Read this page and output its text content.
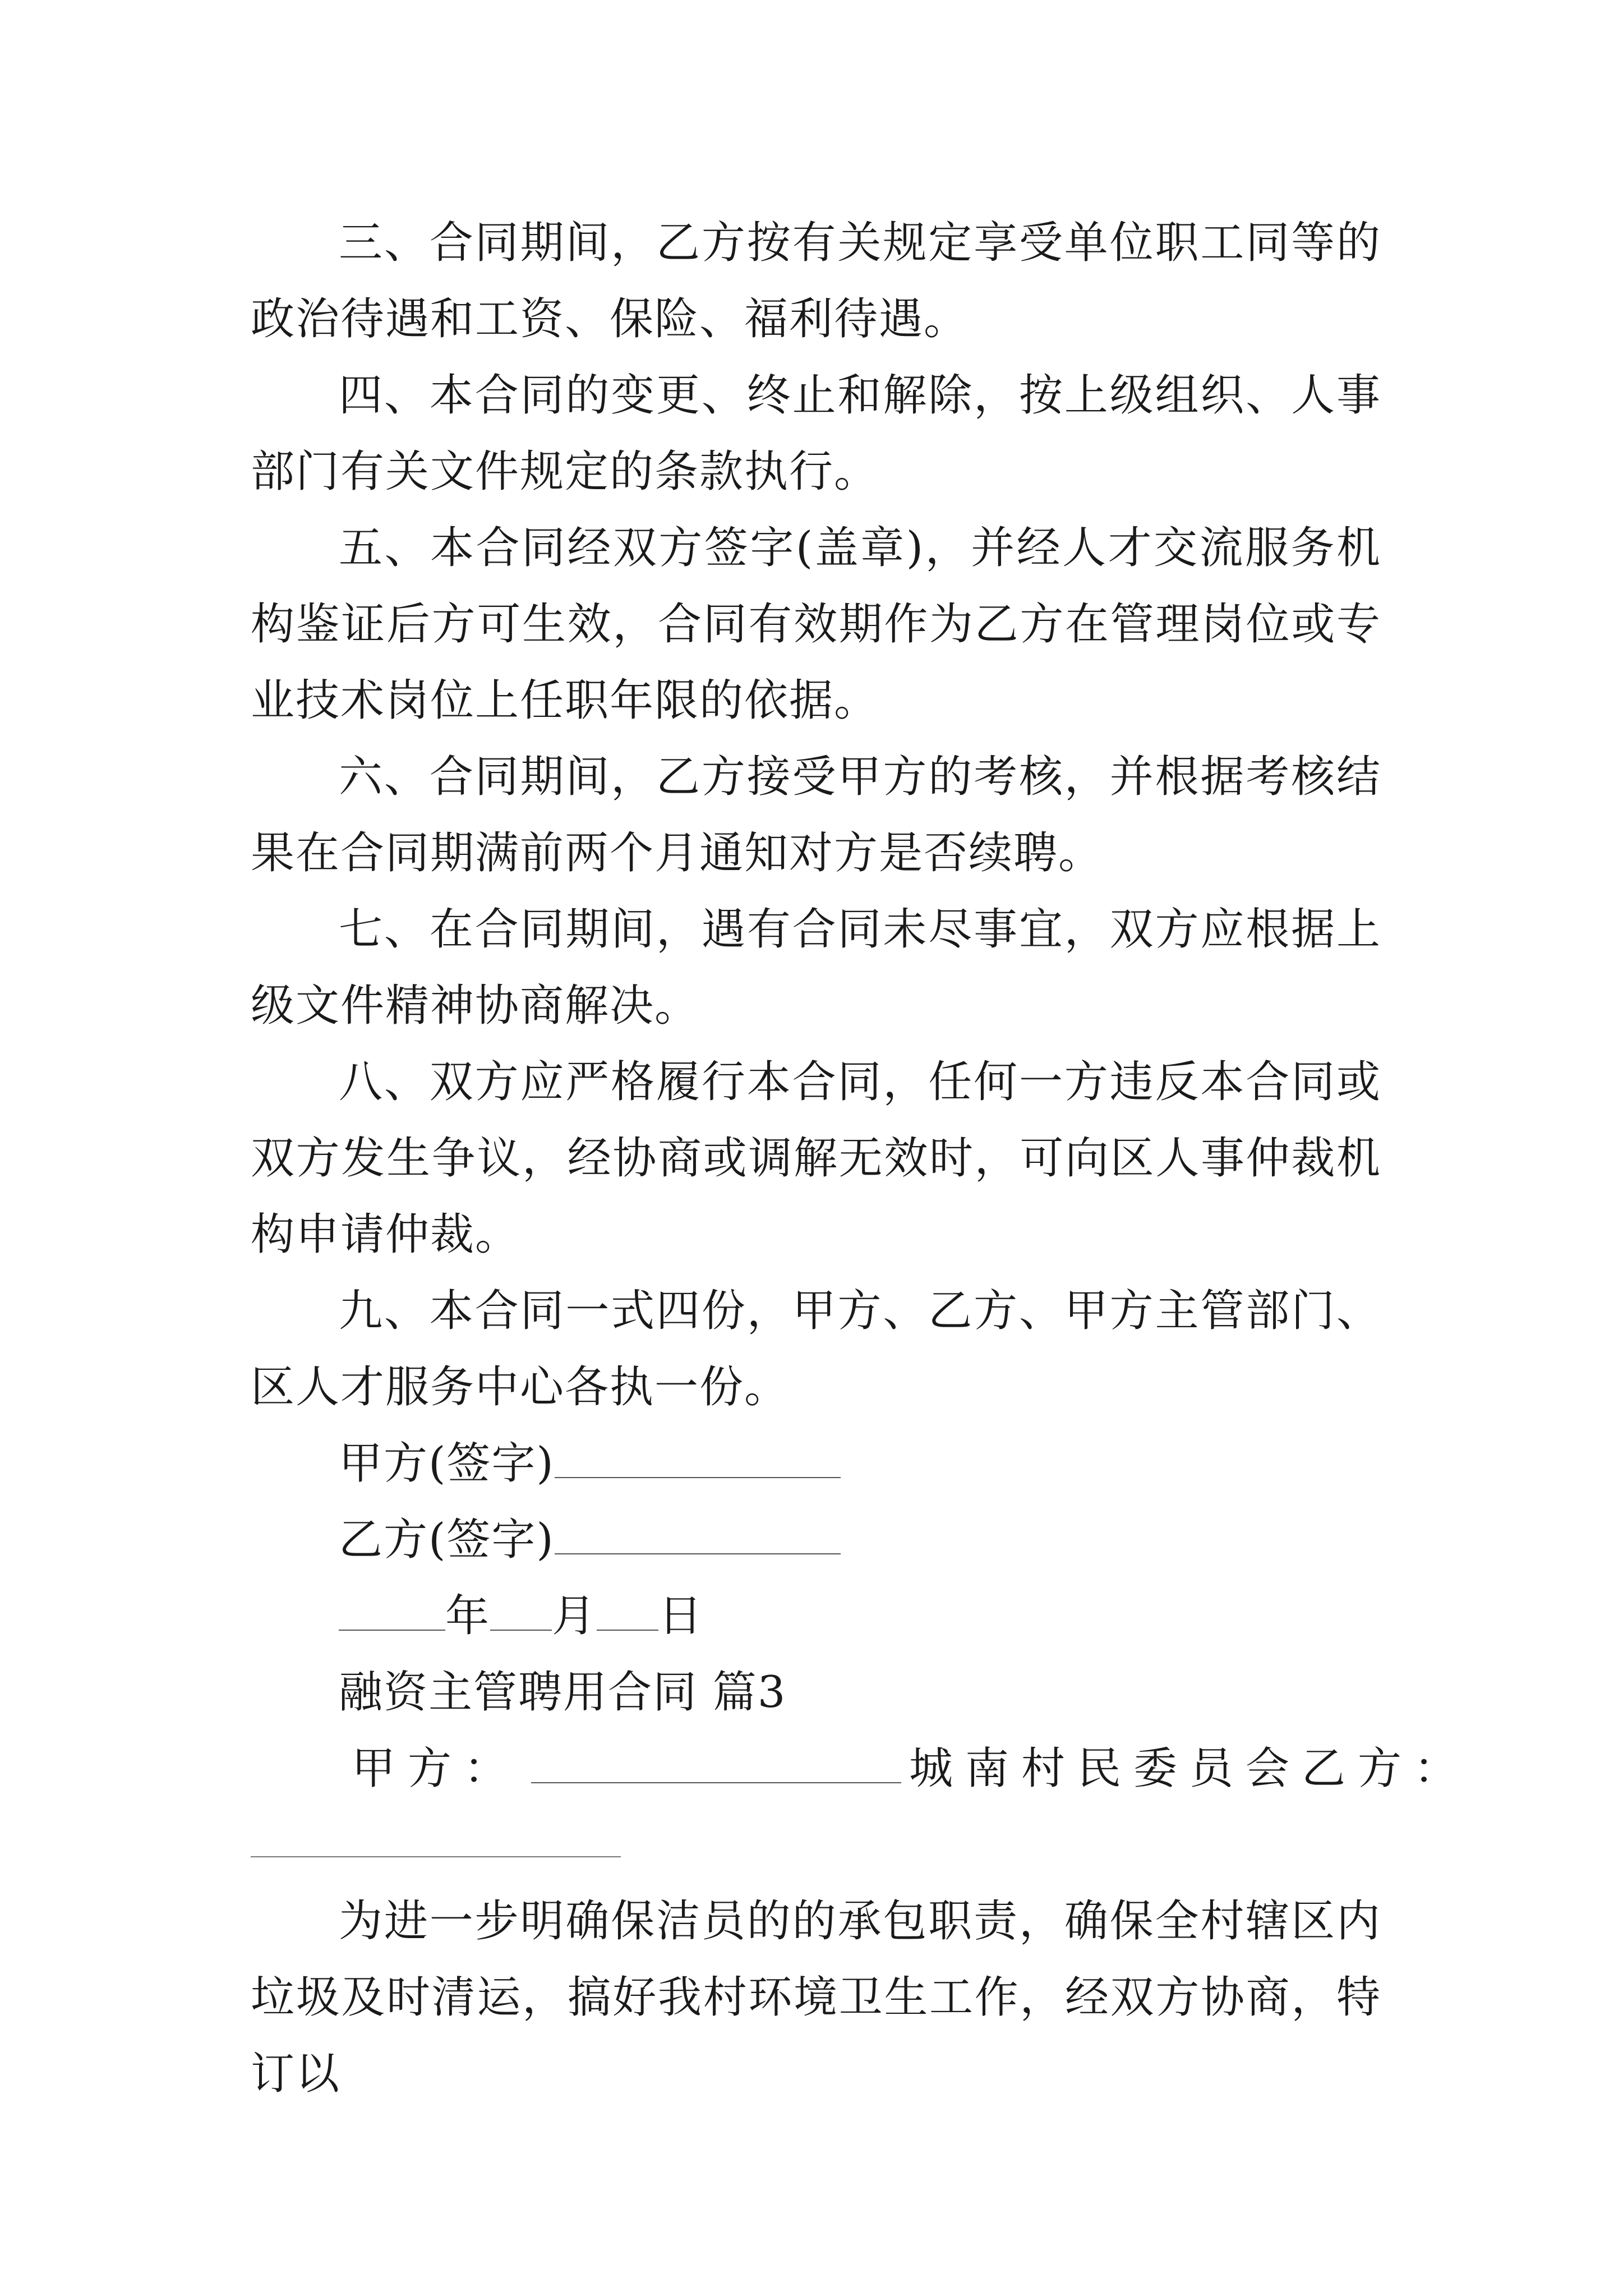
三、合同期间，乙方按有关规定享受单位职工同等的政治待遇和工资、保险、福利待遇。

四、本合同的变更、终止和解除，按上级组织、人事部门有关文件规定的条款执行。

五、本合同经双方签字(盖章)，并经人才交流服务机构鉴证后方可生效，合同有效期作为乙方在管理岗位或专业技术岗位上任职年限的依据。

六、合同期间，乙方接受甲方的考核，并根据考核结果在合同期满前两个月通知对方是否续聘。

七、在合同期间，遇有合同未尽事宜，双方应根据上级文件精神协商解决。

八、双方应严格履行本合同，任何一方违反本合同或双方发生争议，经协商或调解无效时，可向区人事仲裁机构申请仲裁。

九、本合同一式四份，甲方、乙方、甲方主管部门、区人才服务中心各执一份。

甲方(签字)

乙方(签字)

年 月 日

融资主管聘用合同 篇3

甲方：	城南村民委员会乙方：

为进一步明确保洁员的的承包职责，确保全村辖区内垃圾及时清运，搞好我村环境卫生工作，经双方协商，特订以
